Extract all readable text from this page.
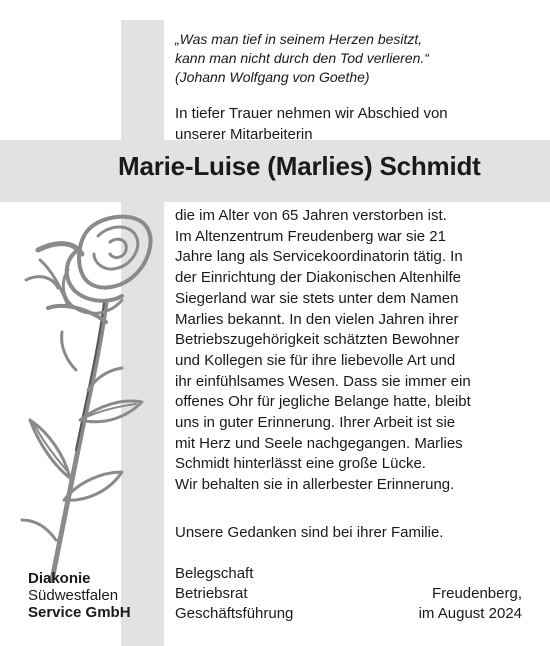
„Was man tief in seinem Herzen besitzt,
kann man nicht durch den Tod verlieren.“
(Johann Wolfgang von Goethe)
In tiefer Trauer nehmen wir Abschied von
unserer Mitarbeiterin
Marie-Luise (Marlies) Schmidt
die im Alter von 65 Jahren verstorben ist.
Im Altenzentrum Freudenberg war sie 21
Jahre lang als Servicekoordinatorin tätig. In
der Einrichtung der Diakonischen Altenhilfe
Siegerland war sie stets unter dem Namen
Marlies bekannt. In den vielen Jahren ihrer
Betriebszugehörigkeit schätzten Bewohner
und Kollegen sie für ihre liebevolle Art und
ihr einfühlsames Wesen. Dass sie immer ein
offenes Ohr für jegliche Belange hatte, bleibt
uns in guter Erinnerung. Ihrer Arbeit ist sie
mit Herz und Seele nachgegangen. Marlies
Schmidt hinterlässt eine große Lücke.
Wir behalten sie in allerbester Erinnerung.
Unsere Gedanken sind bei ihrer Familie.
Diakonie
Südwestfalen
Service GmbH
Belegschaft
Betriebsrat
Geschäftsführung
Freudenberg,
im August 2024
